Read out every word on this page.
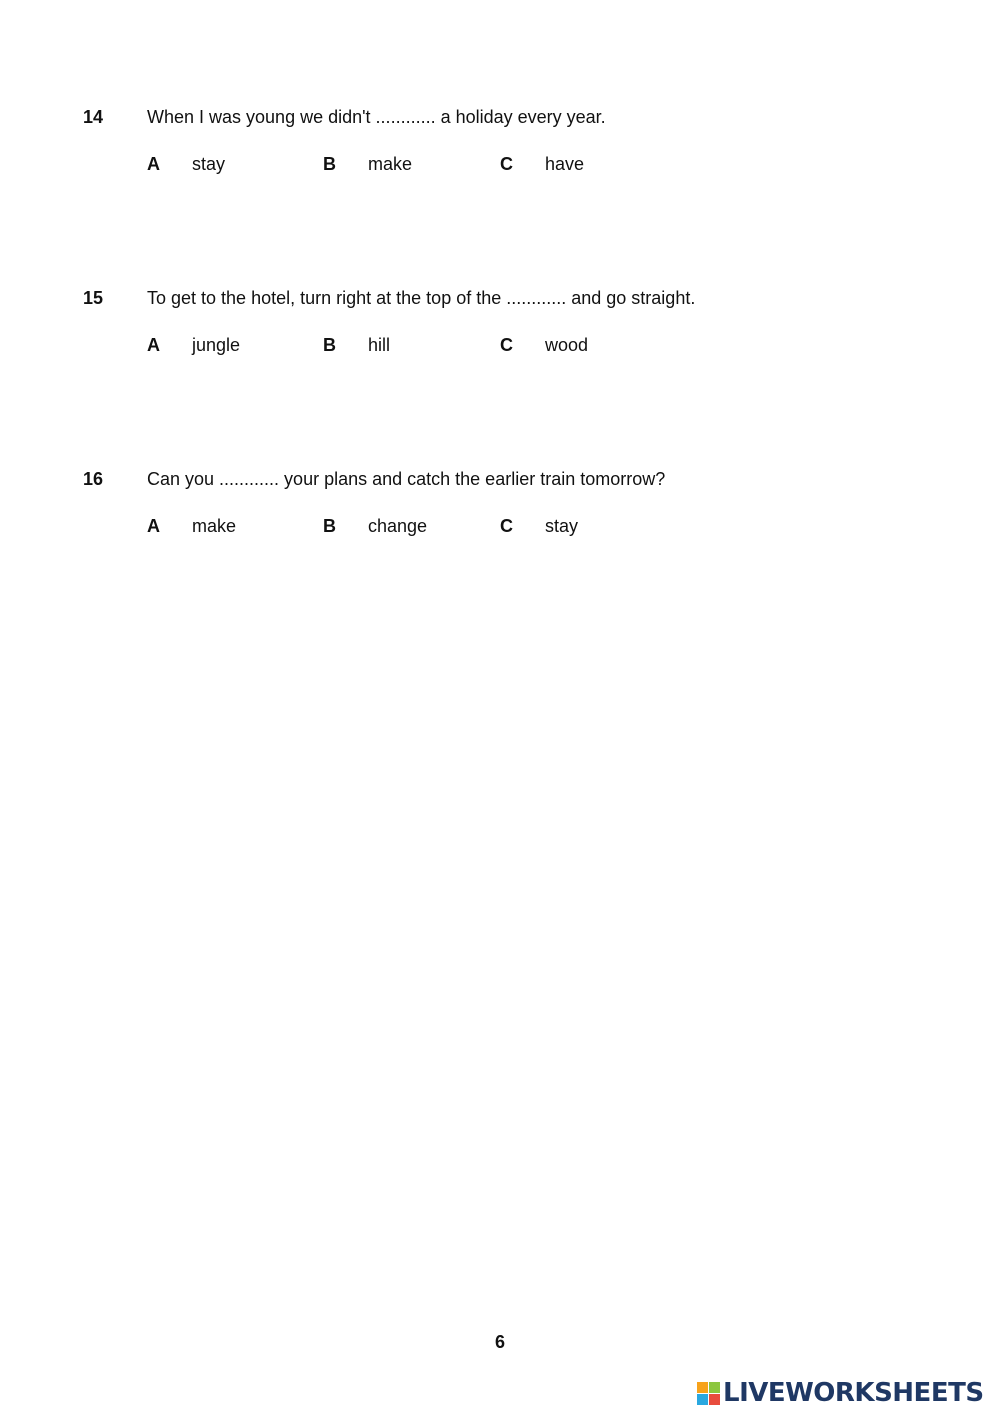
14 When I was young we didn't ............ a holiday every year.
A stay	B make	C have
15 To get to the hotel, turn right at the top of the ............ and go straight.
A jungle	B hill	C wood
16 Can you ............ your plans and catch the earlier train tomorrow?
A make	B change	C stay
6
LIVEWORKSHEETS
